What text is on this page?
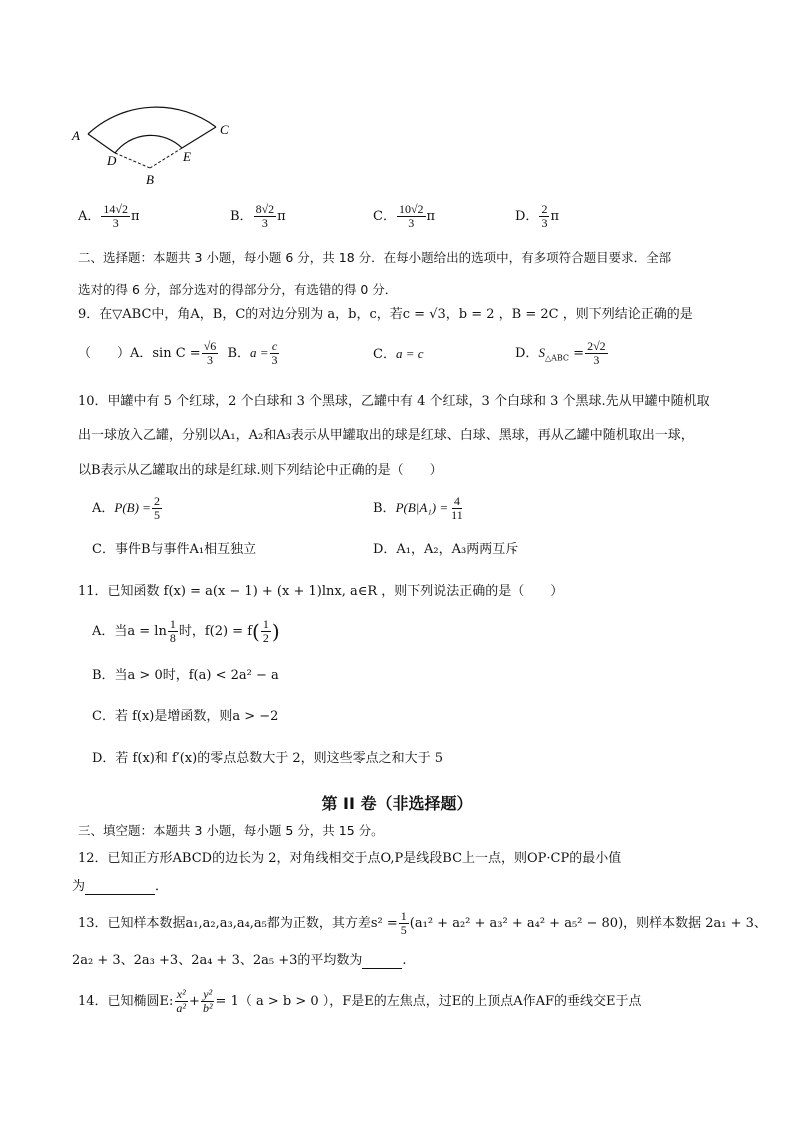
A	C
D	E
B
A． $\frac{14√2}{3}$ π	B． $\frac{8√2}{3}$ π	C． $\frac{10√2}{3}$ π	D． $\frac{2}{3}$ π
二、选择题：本题共 3 小题，每小题 6 分，共 18 分．在每小题给出的选项中，有多项符合题目要求．全部
选对的得 6 分，部分选对的得部分分，有选错的得 0 分．
9．在▽ABC中，角A，B，C的对边分别为 a，b，c，若c = √3，b = 2 ，B = 2C ，则下列结论正确的是
（　　）A．$\sin C = \frac{√6}{3}$ B．$a = \frac{c}{3}$	C．a = c	D．$S_{\triangle ABC} = \frac{2√2}{3}$
10．甲罐中有 5 个红球，2 个白球和 3 个黑球，乙罐中有 4 个红球，3 个白球和 3 个黑球.先从甲罐中随机取
出一球放入乙罐，分别以A₁，A₂和A₃表示从甲罐取出的球是红球、白球、黑球，再从乙罐中随机取出一球，
以B表示从乙罐取出的球是红球.则下列结论中正确的是（　　）
A．$P(B) = \frac{2}{5}$	B．$P(B|A_1) = \frac{4}{11}$
C．事件B与事件A₁相互独立	D．A₁，A₂，A₃两两互斥
11．已知函数 f(x) = a(x − 1) + (x + 1)lnx, a∈R ，则下列说法正确的是（　　）
A．当$a = \ln \frac{1}{8}$ 时，$f(2) = f( \frac{1}{2}$ )
B．当a > 0时，f(a) < 2a² − a
C．若 f(x)是增函数，则a > −2
D．若 f(x)和 f′(x)的零点总数大于 2，则这些零点之和大于 5
第 II 卷（非选择题）
三、填空题：本题共 3 小题，每小题 5 分，共 15 分。
12．已知正方形ABCD的边长为 2，对角线相交于点O,P是线段BC上一点，则OP·CP的最小值
为	．
13．已知样本数据a₁,a₂,a₃,a₄,a₅都为正数，其方差$s^2 = \frac{1}{5} (a_1^2 + a_2^2 + a_3^2 + a_4^2 + a_5^2 - 80)$，则样本数据 2a₁ + 3、
2a₂ + 3、2a₃ +3、2a₄ + 3、2a₅ +3的平均数为	.
14．已知椭圆E: $\frac{\text{x²}}{\text{a²}} + \frac{\text{y²}}{\text{b²}} = 1$（ a > b > 0 ），F是E的左焦点，过E的上顶点A作AF的垂线交E于点
